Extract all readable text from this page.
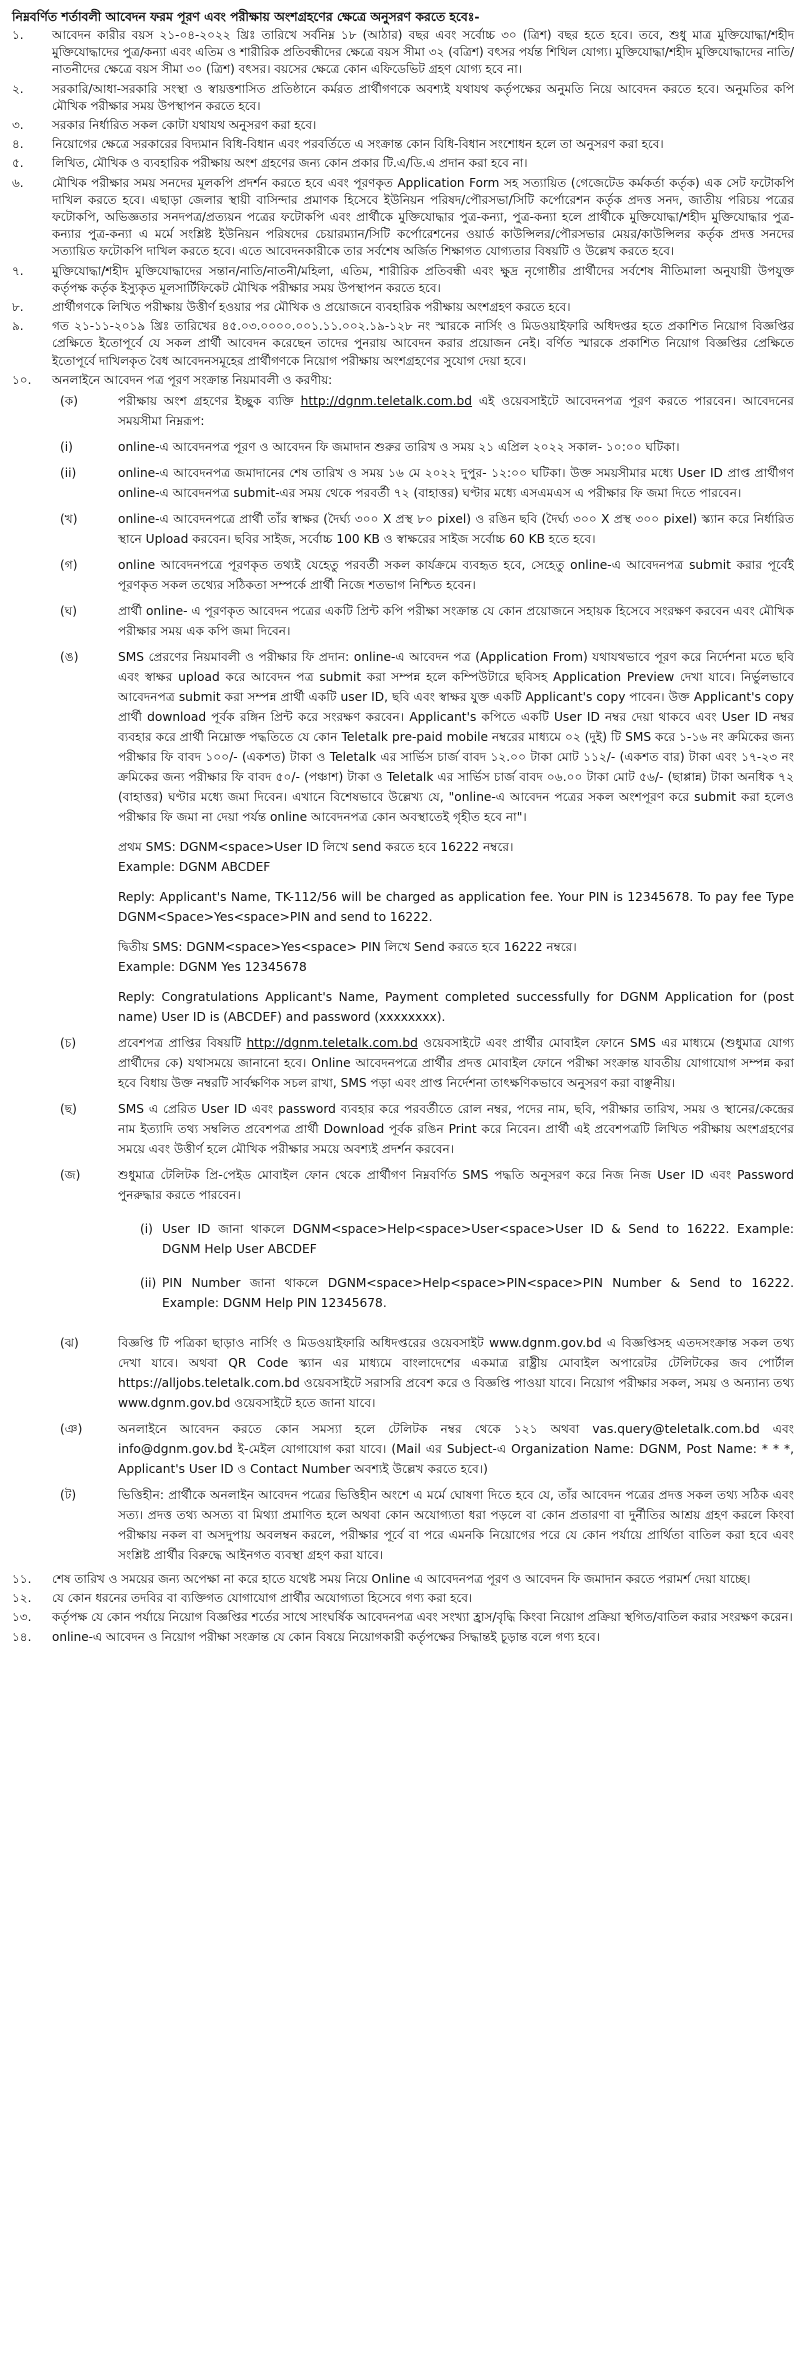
নিম্নবর্ণিত শর্তাবলী আবেদন ফরম পূরণ এবং পরীক্ষায় অংশগ্রহণের ক্ষেত্রে অনুসরণ করতে হবেঃ-
১.	আবেদন কারীর বয়স ২১-০৪-২০২২ খ্রিঃ তারিখে সর্বনিম্ন ১৮ (আঠার) বছর এবং সর্বোচ্চ ৩০ (ত্রিশ) বছর হতে হবে। তবে, শুধু মাত্র মুক্তিযোদ্ধা/শহীদ মুক্তিযোদ্ধাদের পুত্র/কন্যা এবং এতিম ও শারীরিক প্রতিবন্ধীদের ক্ষেত্রে বয়স সীমা ৩২ (বত্রিশ) বৎসর পর্যন্ত শিথিল যোগ্য। মুক্তিযোদ্ধা/শহীদ মুক্তিযোদ্ধাদের নাতি/নাতনীদের ক্ষেত্রে বয়স সীমা ৩০ (ত্রিশ) বৎসর। বয়সের ক্ষেত্রে কোন এফিডেভিট গ্রহণ যোগ্য হবে না।
২.	সরকারি/আধা-সরকারি সংস্থা ও স্বায়ত্তশাসিত প্রতিষ্ঠানে কর্মরত প্রার্থীগণকে অবশ্যই যথাযথ কর্তৃপক্ষের অনুমতি নিয়ে আবেদন করতে হবে। অনুমতির কপি মৌখিক পরীক্ষার সময় উপস্থাপন করতে হবে।
৩.	সরকার নির্ধারিত সকল কোটা যথাযথ অনুসরণ করা হবে।
৪.	নিয়োগের ক্ষেত্রে সরকারের বিদ্যমান বিধি-বিধান এবং পরবর্তিতে এ সংক্রান্ত কোন বিধি-বিধান সংশোধন হলে তা অনুসরণ করা হবে।
৫.	লিখিত, মৌখিক ও ব্যবহারিক পরীক্ষায় অংশ গ্রহণের জন্য কোন প্রকার টি.এ/ডি.এ প্রদান করা হবে না।
৬.	মৌখিক পরীক্ষার সময় সনদের মূলকপি প্রদর্শন করতে হবে এবং পূরণকৃত Application Form সহ সত্যায়িত (গেজেটেড কর্মকর্তা কর্তৃক) এক সেট ফটোকপি দাখিল করতে হবে। এছাড়া জেলার স্থায়ী বাসিন্দার প্রমাণক হিসেবে ইউনিয়ন পরিষদ/পৌরসভা/সিটি কর্পোরেশন কর্তৃক প্রদত্ত সনদ, জাতীয় পরিচয় পত্রের ফটোকপি, অভিজ্ঞতার সনদপত্র/প্রত্যয়ন পত্রের ফটোকপি এবং প্রার্থীকে মুক্তিযোদ্ধার পুত্র-কন্যা, পুত্র-কন্যা হলে প্রার্থীকে মুক্তিযোদ্ধা/শহীদ মুক্তিযোদ্ধার পুত্র-কন্যার পুত্র-কন্যা এ মর্মে সংশ্লিষ্ট ইউনিয়ন পরিষদের চেয়ারম্যান/সিটি কর্পোরেশনের ওয়ার্ড কাউন্সিলর/পৌরসভার মেয়র/কাউন্সিলর কর্তৃক প্রদত্ত সনদের সত্যায়িত ফটোকপি দাখিল করতে হবে। এতে আবেদনকারীকে তার সর্বশেষ অর্জিত শিক্ষাগত যোগ্যতার বিষয়টি ও উল্লেখ করতে হবে।
৭.	মুক্তিযোদ্ধা/শহীদ মুক্তিযোদ্ধাদের সন্তান/নাতি/নাতনী/মহিলা, এতিম, শারীরিক প্রতিবন্ধী এবং ক্ষুদ্র নৃগোষ্ঠীর প্রার্থীদের সর্বশেষ নীতিমালা অনুযায়ী উপযুক্ত কর্তৃপক্ষ কর্তৃক ইস্যুকৃত মূলসার্টিফিকেট মৌখিক পরীক্ষার সময় উপস্থাপন করতে হবে।
৮.	প্রার্থীগণকে লিখিত পরীক্ষায় উত্তীর্ণ হওয়ার পর মৌখিক ও প্রয়োজনে ব্যবহারিক পরীক্ষায় অংশগ্রহণ করতে হবে।
৯.	গত ২১-১১-২০১৯ খ্রিঃ তারিখের ৪৫.০৩.০০০০.০০১.১১.০০২.১৯-১২৮ নং স্মারকে নার্সিং ও মিডওয়াইফারি অধিদপ্তর হতে প্রকাশিত নিয়োগ বিজ্ঞপ্তির প্রেক্ষিতে ইতোপূর্বে যে সকল প্রার্থী আবেদন করেছেন তাদের পুনরায় আবেদন করার প্রয়োজন নেই। বর্ণিত স্মারকে প্রকাশিত নিয়োগ বিজ্ঞপ্তির প্রেক্ষিতে ইতোপূর্বে দাখিলকৃত বৈধ আবেদনসমূহের প্রার্থীগণকে নিয়োগ পরীক্ষায় অংশগ্রহণের সুযোগ দেয়া হবে।
১০.	অনলাইনে আবেদন পত্র পূরণ সংক্রান্ত নিয়মাবলী ও করণীয়:
(ক)	পরীক্ষায় অংশ গ্রহণের ইচ্ছুক ব্যক্তি http://dgnm.teletalk.com.bd এই ওয়েবসাইটে আবেদনপত্র পূরণ করতে পারবেন। আবেদনের সময়সীমা নিম্নরূপ:
(i)	online-এ আবেদনপত্র পূরণ ও আবেদন ফি জমাদান শুরুর তারিখ ও সময় ২১ এপ্রিল ২০২২ সকাল- ১০:০০ ঘটিকা।
(ii)	online-এ আবেদনপত্র জমাদানের শেষ তারিখ ও সময় ১৬ মে ২০২২ দুপুর- ১২:০০ ঘটিকা। উক্ত সময়সীমার মধ্যে User ID প্রাপ্ত প্রার্থীগণ online-এ আবেদনপত্র submit-এর সময় থেকে পরবর্তী ৭২ (বাহাত্তর) ঘণ্টার মধ্যে এসএমএস এ পরীক্ষার ফি জমা দিতে পারবেন।
(খ)	online-এ আবেদনপত্রে প্রার্থী তাঁর স্বাক্ষর (দৈর্ঘ্য ৩০০ X প্রস্থ ৮০ pixel) ও রঙিন ছবি (দৈর্ঘ্য ৩০০ X প্রস্থ ৩০০ pixel) স্ক্যান করে নির্ধারিত স্থানে Upload করবেন। ছবির সাইজ, সর্বোচ্চ 100 KB ও স্বাক্ষরের সাইজ সর্বোচ্চ 60 KB হতে হবে।
(গ)	online আবেদনপত্রে পূরণকৃত তথ্যই যেহেতু পরবর্তী সকল কার্যক্রমে ব্যবহৃত হবে, সেহেতু online-এ আবেদনপত্র submit করার পূর্বেই পূরণকৃত সকল তথ্যের সঠিকতা সম্পর্কে প্রার্থী নিজে শতভাগ নিশ্চিত হবেন।
(ঘ)	প্রার্থী online- এ পূরণকৃত আবেদন পত্রের একটি প্রিন্ট কপি পরীক্ষা সংক্রান্ত যে কোন প্রয়োজনে সহায়ক হিসেবে সংরক্ষণ করবেন এবং মৌখিক পরীক্ষার সময় এক কপি জমা দিবেন।
(ঙ)	SMS প্রেরণের নিয়মাবলী ও পরীক্ষার ফি প্রদান: online-এ আবেদন পত্র (Application From) যথাযথভাবে পূরণ করে নির্দেশনা মতে ছবি এবং স্বাক্ষর upload করে আবেদন পত্র submit করা সম্পন্ন হলে কম্পিউটারে ছবিসহ Application Preview দেখা যাবে। নির্ভুলভাবে আবেদনপত্র submit করা সম্পন্ন প্রার্থী একটি user ID, ছবি এবং স্বাক্ষর যুক্ত একটি Applicant's copy পাবেন। উক্ত Applicant's copy প্রার্থী download পূর্বক রঙ্গিন প্রিন্ট করে সংরক্ষণ করবেন। Applicant's কপিতে একটি User ID নম্বর দেয়া থাকবে এবং User ID নম্বর ব্যবহার করে প্রার্থী নিম্নোক্ত পদ্ধতিতে যে কোন Teletalk pre-paid mobile নম্বরের মাধ্যমে ০২ (দুই) টি SMS করে ১-১৬ নং ক্রমিকের জন্য পরীক্ষার ফি বাবদ ১০০/- (একশত) টাকা ও Teletalk এর সার্ভিস চার্জ বাবদ ১২.০০ টাকা মোট ১১২/- (একশত বার) টাকা এবং ১৭-২৩ নং ক্রমিকের জন্য পরীক্ষার ফি বাবদ ৫০/- (পঞ্চাশ) টাকা ও Teletalk এর সার্ভিস চার্জ বাবদ ০৬.০০ টাকা মোট ৫৬/- (ছাপ্পান্ন) টাকা অনধিক ৭২ (বাহাত্তর) ঘণ্টার মধ্যে জমা দিবেন। এখানে বিশেষভাবে উল্লেখ্য যে, "online-এ আবেদন পত্রের সকল অংশপূরণ করে submit করা হলেও পরীক্ষার ফি জমা না দেয়া পর্যন্ত online আবেদনপত্র কোন অবস্থাতেই গৃহীত হবে না"।
প্রথম SMS: DGNM<space>User ID লিখে send করতে হবে 16222 নম্বরে।
Example: DGNM ABCDEF
Reply: Applicant's Name, TK-112/56 will be charged as application fee. Your PIN is 12345678. To pay fee Type DGNM<Space>Yes<space>PIN and send to 16222.
দ্বিতীয় SMS: DGNM<space>Yes<space> PIN লিখে Send করতে হবে 16222 নম্বরে।
Example: DGNM Yes 12345678
Reply: Congratulations Applicant's Name, Payment completed successfully for DGNM Application for (post name) User ID is (ABCDEF) and password (xxxxxxxx).
(চ)	প্রবেশপত্র প্রাপ্তির বিষয়টি http://dgnm.teletalk.com.bd ওয়েবসাইটে এবং প্রার্থীর মোবাইল ফোনে SMS এর মাধ্যমে (শুধুমাত্র যোগ্য প্রার্থীদের কে) যথাসময়ে জানানো হবে। Online আবেদনপত্রে প্রার্থীর প্রদত্ত মোবাইল ফোনে পরীক্ষা সংক্রান্ত যাবতীয় যোগাযোগ সম্পন্ন করা হবে বিধায় উক্ত নম্বরটি সার্বক্ষণিক সচল রাখা, SMS পড়া এবং প্রাপ্ত নির্দেশনা তাৎক্ষণিকভাবে অনুসরণ করা বাঞ্ছনীয়।
(ছ)	SMS এ প্রেরিত User ID এবং password ব্যবহার করে পরবর্তীতে রোল নম্বর, পদের নাম, ছবি, পরীক্ষার তারিখ, সময় ও স্থানের/কেন্দ্রের নাম ইত্যাদি তথ্য সম্বলিত প্রবেশপত্র প্রার্থী Download পূর্বক রঙিন Print করে নিবেন। প্রার্থী এই প্রবেশপত্রটি লিখিত পরীক্ষায় অংশগ্রহণের সময়ে এবং উত্তীর্ণ হলে মৌখিক পরীক্ষার সময়ে অবশ্যই প্রদর্শন করবেন।
(জ)	শুধুমাত্র টেলিটক প্রি-পেইড মোবাইল ফোন থেকে প্রার্থীগণ নিম্নবর্ণিত SMS পদ্ধতি অনুসরণ করে নিজ নিজ User ID এবং Password পুনরুদ্ধার করতে পারবেন।
(i) User ID জানা থাকলে DGNM<space>Help<space>User<space>User ID & Send to 16222. Example: DGNM Help User ABCDEF
(ii) PIN Number জানা থাকলে DGNM<space>Help<space>PIN<space>PIN Number & Send to 16222. Example: DGNM Help PIN 12345678.
(ঝ)	বিজ্ঞপ্তি টি পত্রিকা ছাড়াও নার্সিং ও মিডওয়াইফারি অধিদপ্তরের ওয়েবসাইট www.dgnm.gov.bd এ বিজ্ঞপ্তিসহ এতদসংক্রান্ত সকল তথ্য দেখা যাবে। অথবা QR Code স্ক্যান এর মাধ্যমে বাংলাদেশের একমাত্র রাষ্ট্রীয় মোবাইল অপারেটর টেলিটকের জব পোর্টাল https://alljobs.teletalk.com.bd ওয়েবসাইটে সরাসরি প্রবেশ করে ও বিজ্ঞপ্তি পাওয়া যাবে। নিয়োগ পরীক্ষার সকল, সময় ও অন্যান্য তথ্য www.dgnm.gov.bd ওয়েবসাইটে হতে জানা যাবে।
(ঞ)	অনলাইনে আবেদন করতে কোন সমস্যা হলে টেলিটক নম্বর থেকে ১২১ অথবা vas.query@teletalk.com.bd এবং info@dgnm.gov.bd ই-মেইল যোগাযোগ করা যাবে। (Mail এর Subject-এ Organization Name: DGNM, Post Name: * * *, Applicant's User ID ও Contact Number অবশ্যই উল্লেখ করতে হবে।)
(ট)	ভিত্তিহীন: প্রার্থীকে অনলাইন আবেদন পত্রের ভিত্তিহীন অংশে এ মর্মে ঘোষণা দিতে হবে যে, তাঁর আবেদন পত্রের প্রদত্ত সকল তথ্য সঠিক এবং সত্য। প্রদত্ত তথ্য অসত্য বা মিথ্যা প্রমাণিত হলে অথবা কোন অযোগ্যতা ধরা পড়লে বা কোন প্রতারণা বা দুর্নীতির আশ্রয় গ্রহণ করলে কিংবা পরীক্ষায় নকল বা অসদুপায় অবলম্বন করলে, পরীক্ষার পূর্বে বা পরে এমনকি নিয়োগের পরে যে কোন পর্যায়ে প্রার্থিতা বাতিল করা হবে এবং সংশ্লিষ্ট প্রার্থীর বিরুদ্ধে আইনগত ব্যবস্থা গ্রহণ করা যাবে।
১১.	শেষ তারিখ ও সময়ের জন্য অপেক্ষা না করে হাতে যথেষ্ট সময় নিয়ে Online এ আবেদনপত্র পূরণ ও আবেদন ফি জমাদান করতে পরামর্শ দেয়া যাচ্ছে।
১২.	যে কোন ধরনের তদবির বা ব্যক্তিগত যোগাযোগ প্রার্থীর অযোগ্যতা হিসেবে গণ্য করা হবে।
১৩.	কর্তৃপক্ষ যে কোন পর্যায়ে নিয়োগ বিজ্ঞপ্তির শর্তের সাথে সাংঘর্ষিক আবেদনপত্র এবং সংখ্যা হ্রাস/বৃদ্ধি কিংবা নিয়োগ প্রক্রিয়া স্থগিত/বাতিল করার সংরক্ষণ করেন।
১৪.	online-এ আবেদন ও নিয়োগ পরীক্ষা সংক্রান্ত যে কোন বিষয়ে নিয়োগকারী কর্তৃপক্ষের সিদ্ধান্তই চূড়ান্ত বলে গণ্য হবে।
